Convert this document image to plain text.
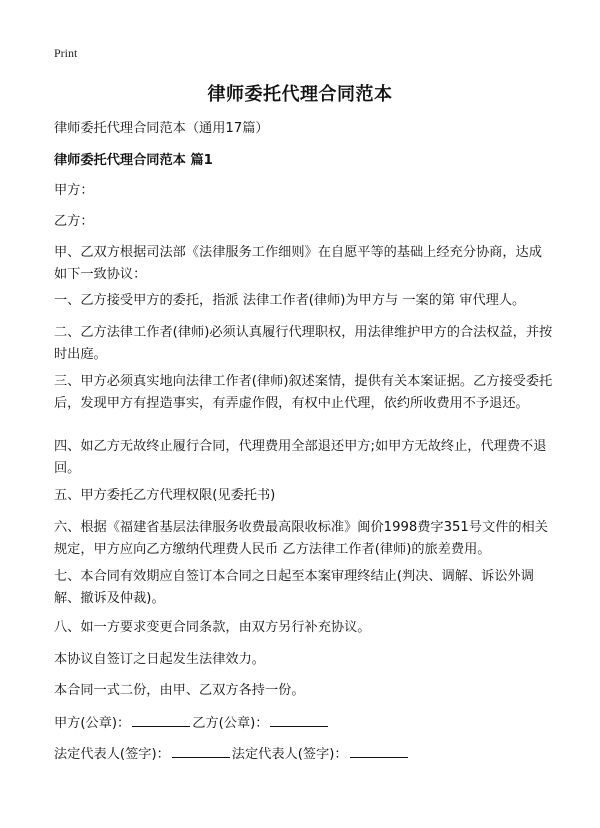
Print
律师委托代理合同范本
律师委托代理合同范本（通用17篇）
律师委托代理合同范本 篇1
甲方：
乙方：
甲、乙双方根据司法部《法律服务工作细则》在自愿平等的基础上经充分协商，达成如下一致协议：
一、乙方接受甲方的委托，指派 法律工作者(律师)为甲方与 一案的第 审代理人。
二、乙方法律工作者(律师)必须认真履行代理职权，用法律维护甲方的合法权益，并按时出庭。
三、甲方必须真实地向法律工作者(律师)叙述案情，提供有关本案证据。乙方接受委托后，发现甲方有捏造事实，有弄虚作假，有权中止代理，依约所收费用不予退还。
四、如乙方无故终止履行合同，代理费用全部退还甲方;如甲方无故终止，代理费不退回。
五、甲方委托乙方代理权限(见委托书)
六、根据《福建省基层法律服务收费最高限收标准》闽价1998费字351号文件的相关规定，甲方应向乙方缴纳代理费人民币 乙方法律工作者(律师)的旅差费用。
七、本合同有效期应自签订本合同之日起至本案审理终结止(判决、调解、诉讼外调解、撤诉及仲裁)。
八、如一方要求变更合同条款，由双方另行补充协议。
本协议自签订之日起发生法律效力。
本合同一式二份，由甲、乙双方各持一份。
甲方(公章)：	乙方(公章)：
法定代表人(签字)：	法定代表人(签字)：
